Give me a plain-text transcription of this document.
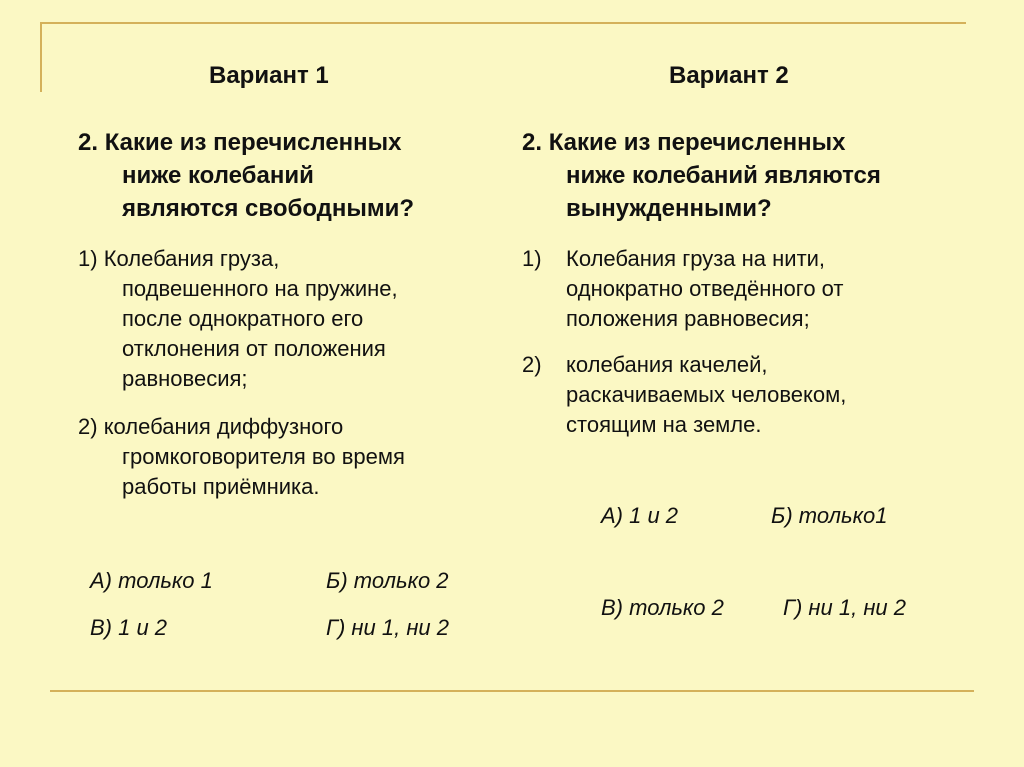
Вариант 1
2. Какие из перечисленных
ниже колебаний
являются свободными?
1) Колебания груза,
подвешенного на пружине,
после однократного его
отклонения от положения
равновесия;
2) колебания диффузного
громкоговорителя во время
работы приёмника.
А) только 1	Б) только 2
В) 1 и 2	Г) ни 1, ни 2
Вариант 2
2. Какие из перечисленных
ниже колебаний являются
вынужденными?
1) Колебания груза на нити,
однократно отведённого от
положения равновесия;
2) колебания качелей,
раскачиваемых человеком,
стоящим на земле.
А) 1 и 2	Б) только1
В) только 2	Г) ни 1, ни 2
